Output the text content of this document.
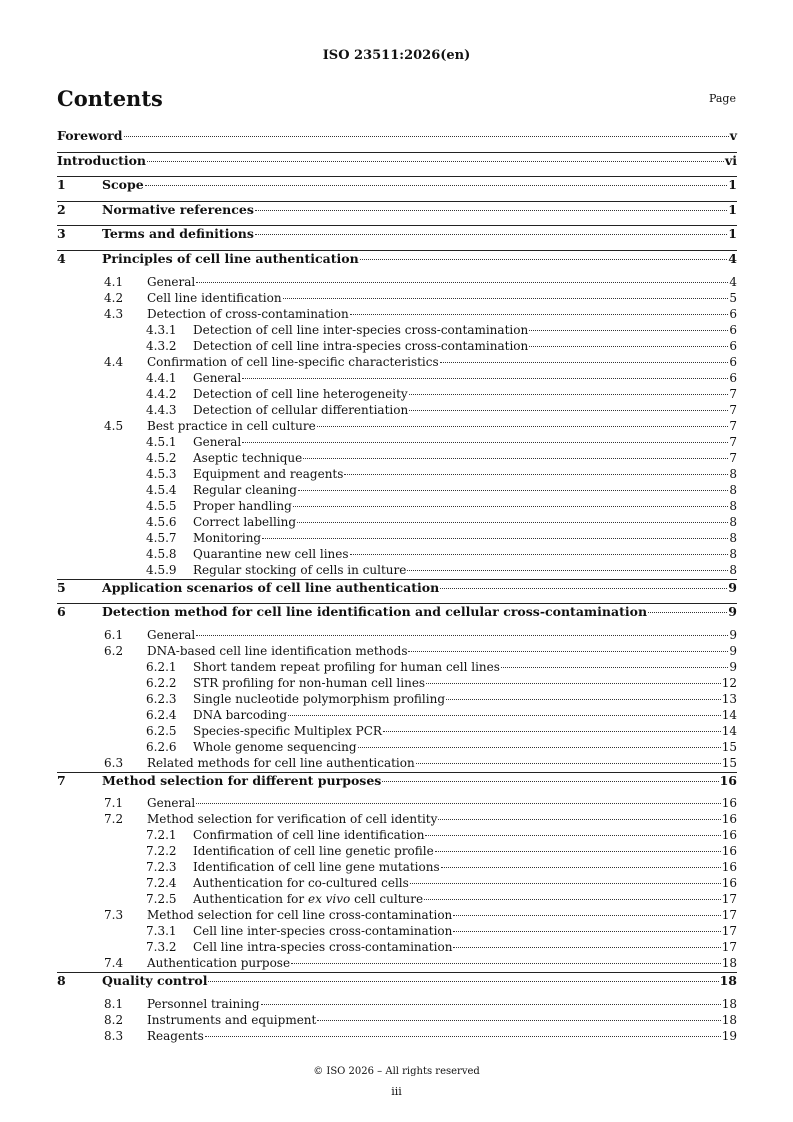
ISO 23511:2026(en)
Contents	Page
Foreword	v
Introduction	vi
1	Scope	1
2	Normative references	1
3	Terms and definitions	1
4	Principles of cell line authentication	4
4.1	General	4
4.2	Cell line identification	5
4.3	Detection of cross-contamination	6
4.3.1	Detection of cell line inter-species cross-contamination	6
4.3.2	Detection of cell line intra-species cross-contamination	6
4.4	Confirmation of cell line-specific characteristics	6
4.4.1	General	6
4.4.2	Detection of cell line heterogeneity	7
4.4.3	Detection of cellular differentiation	7
4.5	Best practice in cell culture	7
4.5.1	General	7
4.5.2	Aseptic technique	7
4.5.3	Equipment and reagents	8
4.5.4	Regular cleaning	8
4.5.5	Proper handling	8
4.5.6	Correct labelling	8
4.5.7	Monitoring	8
4.5.8	Quarantine new cell lines	8
4.5.9	Regular stocking of cells in culture	8
5	Application scenarios of cell line authentication	9
6	Detection method for cell line identification and cellular cross-contamination	9
6.1	General	9
6.2	DNA-based cell line identification methods	9
6.2.1	Short tandem repeat profiling for human cell lines	9
6.2.2	STR profiling for non-human cell lines	12
6.2.3	Single nucleotide polymorphism profiling	13
6.2.4	DNA barcoding	14
6.2.5	Species-specific Multiplex PCR	14
6.2.6	Whole genome sequencing	15
6.3	Related methods for cell line authentication	15
7	Method selection for different purposes	16
7.1	General	16
7.2	Method selection for verification of cell identity	16
7.2.1	Confirmation of cell line identification	16
7.2.2	Identification of cell line genetic profile	16
7.2.3	Identification of cell line gene mutations	16
7.2.4	Authentication for co-cultured cells	16
7.2.5	Authentication for ex vivo cell culture	17
7.3	Method selection for cell line cross-contamination	17
7.3.1	Cell line inter-species cross-contamination	17
7.3.2	Cell line intra-species cross-contamination	17
7.4	Authentication purpose	18
8	Quality control	18
8.1	Personnel training	18
8.2	Instruments and equipment	18
8.3	Reagents	19
© ISO 2026 – All rights reserved
iii
